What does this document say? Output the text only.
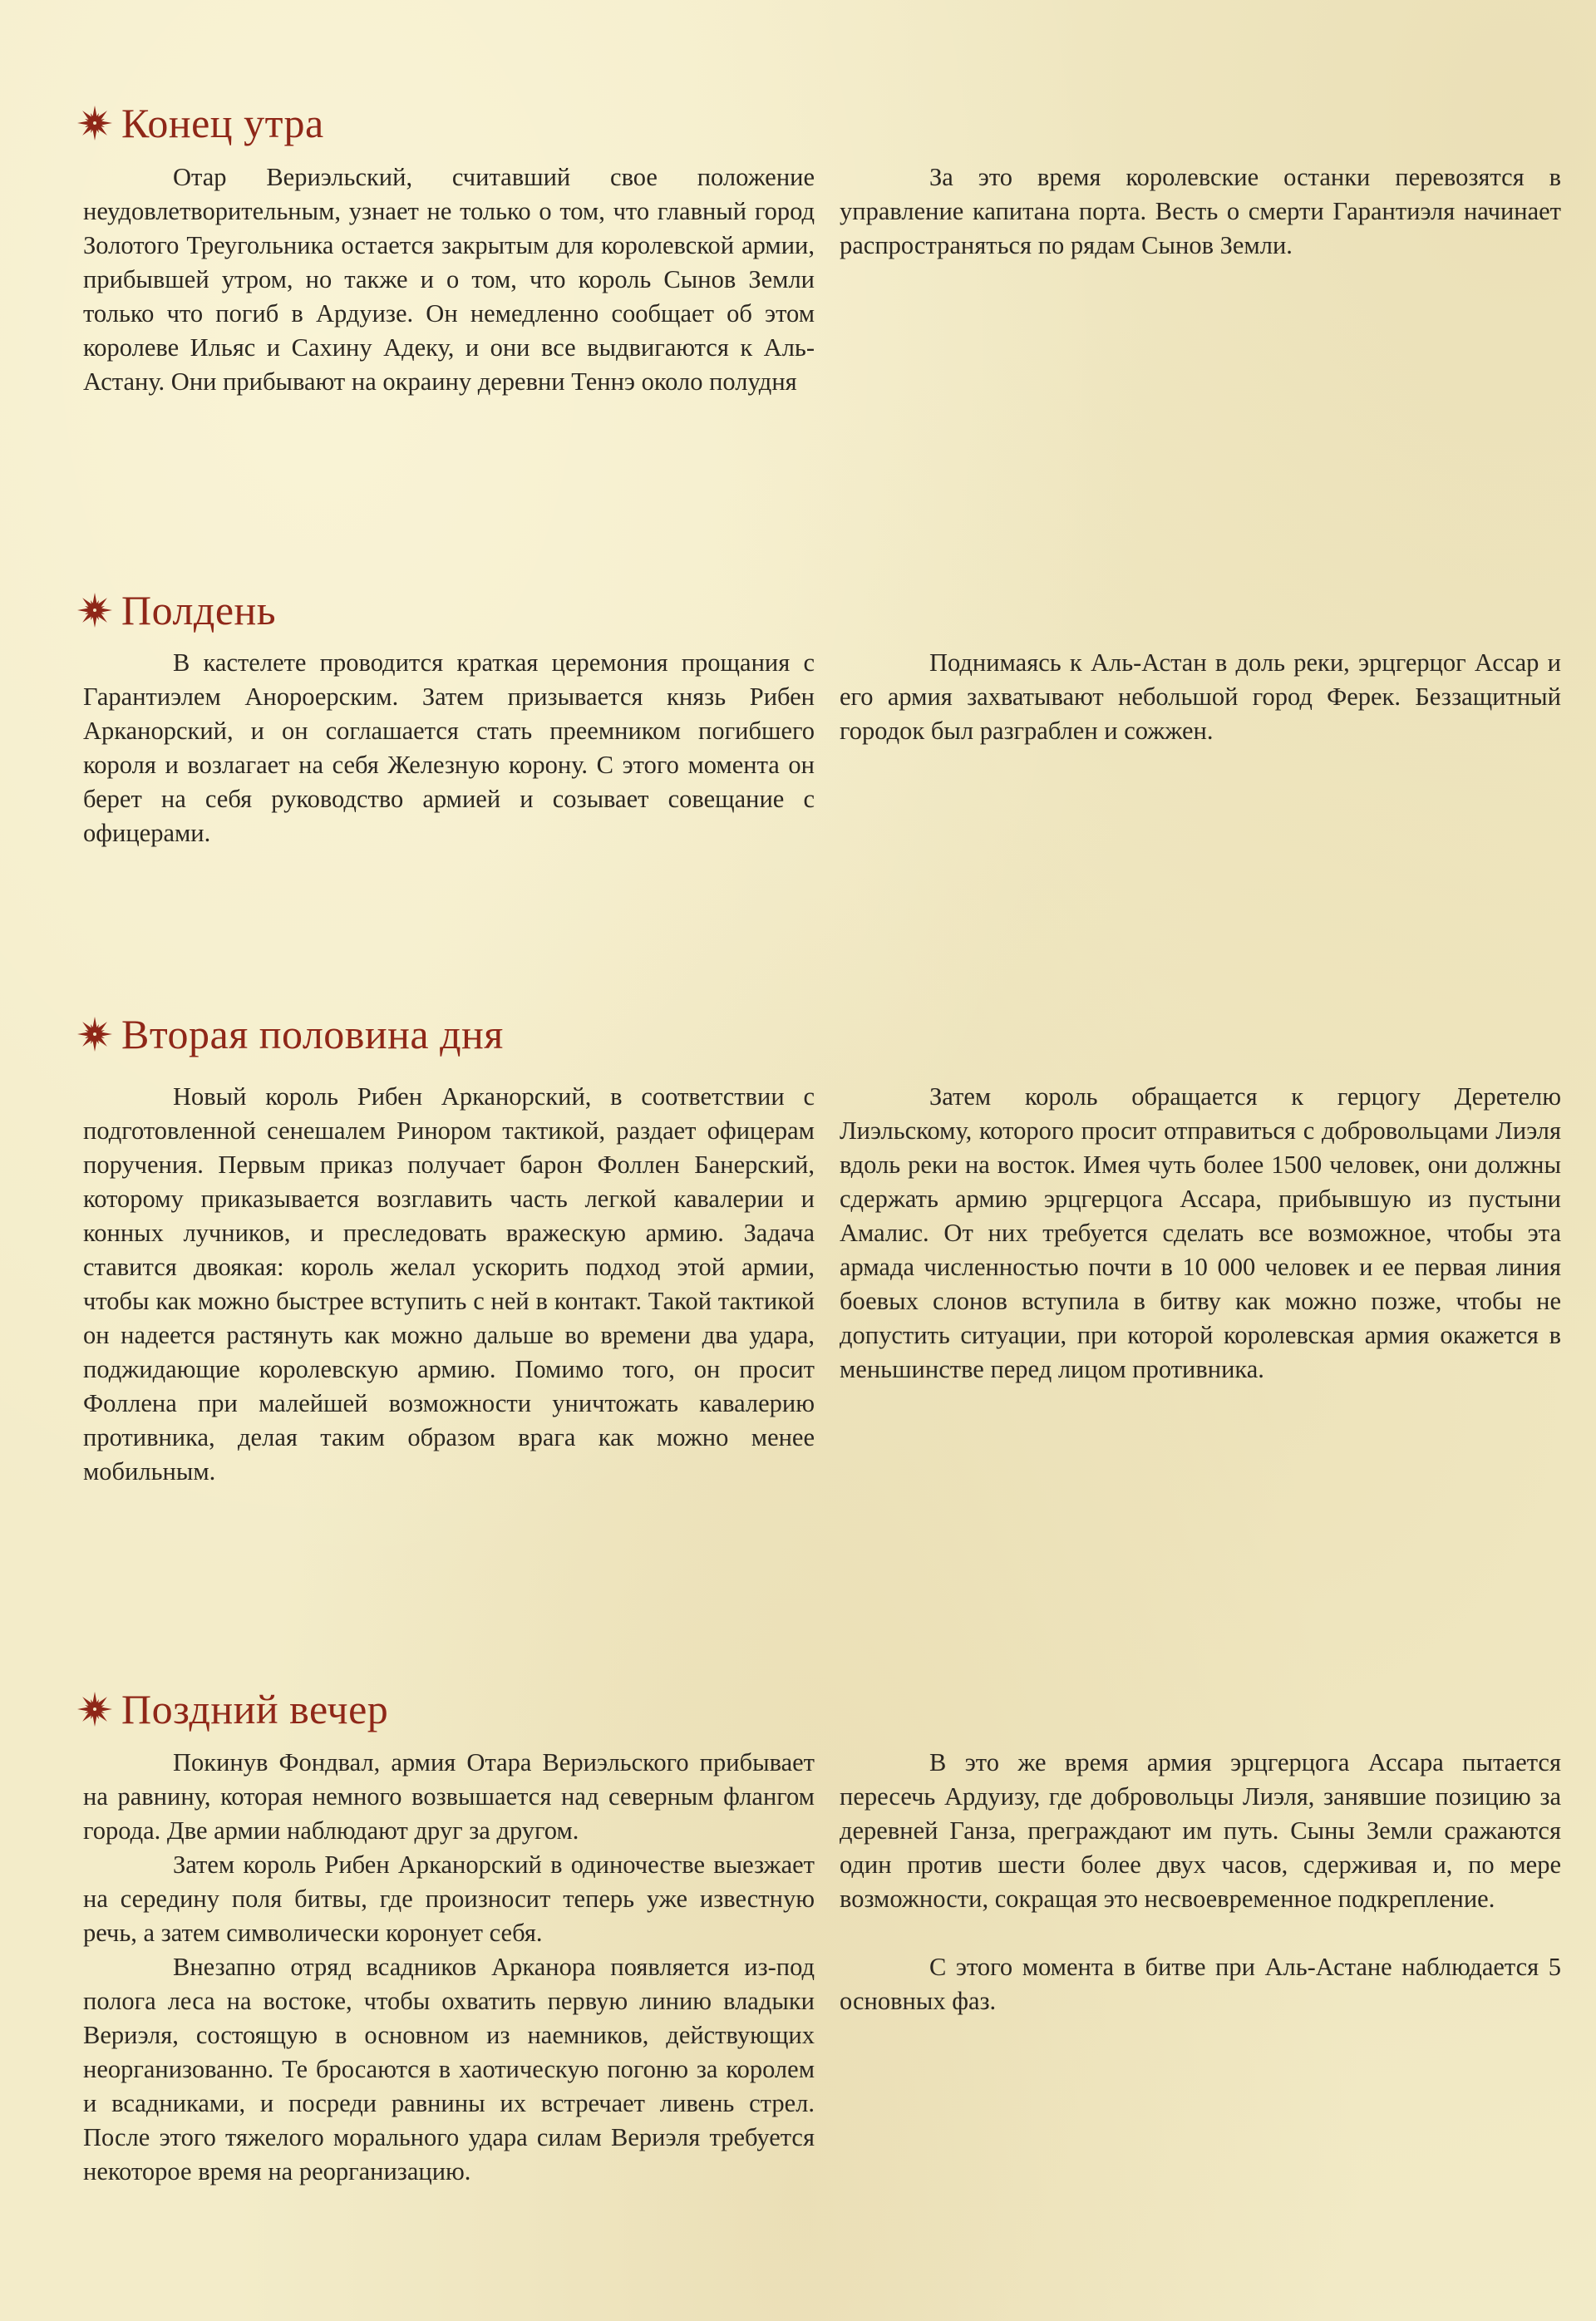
Конец утра

Отар Вериэльский, считавший свое положение неудовлетворительным, узнает не только о том, что главный город Золотого Треугольника остается закрытым для королевской армии, прибывшей утром, но также и о том, что король Сынов Земли только что погиб в Ардуизе. Он немедленно сообщает об этом королеве Ильяс и Сахину Адеку, и они все выдвигаются к Аль-Астану. Они прибывают на окраину деревни Теннэ около полудня

За это время королевские останки перевозятся в управление капитана порта. Весть о смерти Гарантиэля начинает распространяться по рядам Сынов Земли.

Полдень

В кастелете проводится краткая церемония прощания с Гарантиэлем Анороерским. Затем призывается князь Рибен Арканорский, и он соглашается стать преемником погибшего короля и возлагает на себя Железную корону. С этого момента он берет на себя руководство армией и созывает совещание с офицерами.

Поднимаясь к Аль-Астан в доль реки, эрцгерцог Ассар и его армия захватывают небольшой город Ферек. Беззащитный городок был разграблен и сожжен.

Вторая половина дня

Новый король Рибен Арканорский, в соответствии с подготовленной сенешалем Ринором тактикой, раздает офицерам поручения. Первым приказ получает барон Фоллен Банерский, которому приказывается возглавить часть легкой кавалерии и конных лучников, и преследовать вражескую армию. Задача ставится двоякая: король желал ускорить подход этой армии, чтобы как можно быстрее вступить с ней в контакт. Такой тактикой он надеется растянуть как можно дальше во времени два удара, поджидающие королевскую армию. Помимо того, он просит Фоллена при малейшей возможности уничтожать кавалерию противника, делая таким образом врага как можно менее мобильным.

Затем король обращается к герцогу Деретелю Лиэльскому, которого просит отправиться с добровольцами Лиэля вдоль реки на восток. Имея чуть более 1500 человек, они должны сдержать армию эрцгерцога Ассара, прибывшую из пустыни Амалис. От них требуется сделать все возможное, чтобы эта армада численностью почти в 10 000 человек и ее первая линия боевых слонов вступила в битву как можно позже, чтобы не допустить ситуации, при которой королевская армия окажется в меньшинстве перед лицом противника.

Поздний вечер

Покинув Фондвал, армия Отара Вериэльского прибывает на равнину, которая немного возвышается над северным флангом города. Две армии наблюдают друг за другом.

Затем король Рибен Арканорский в одиночестве выезжает на середину поля битвы, где произносит теперь уже известную речь, а затем символически коронует себя.

Внезапно отряд всадников Арканора появляется из-под полога леса на востоке, чтобы охватить первую линию владыки Вериэля, состоящую в основном из наемников, действующих неорганизованно. Те бросаются в хаотическую погоню за королем и всадниками, и посреди равнины их встречает ливень стрел. После этого тяжелого морального удара силам Вериэля требуется некоторое время на реорганизацию.

В это же время армия эрцгерцога Ассара пытается пересечь Ардуизу, где добровольцы Лиэля, занявшие позицию за деревней Ганза, преграждают им путь. Сыны Земли сражаются один против шести более двух часов, сдерживая и, по мере возможности, сокращая это несвоевременное подкрепление.

С этого момента в битве при Аль-Астане наблюдается 5 основных фаз.
